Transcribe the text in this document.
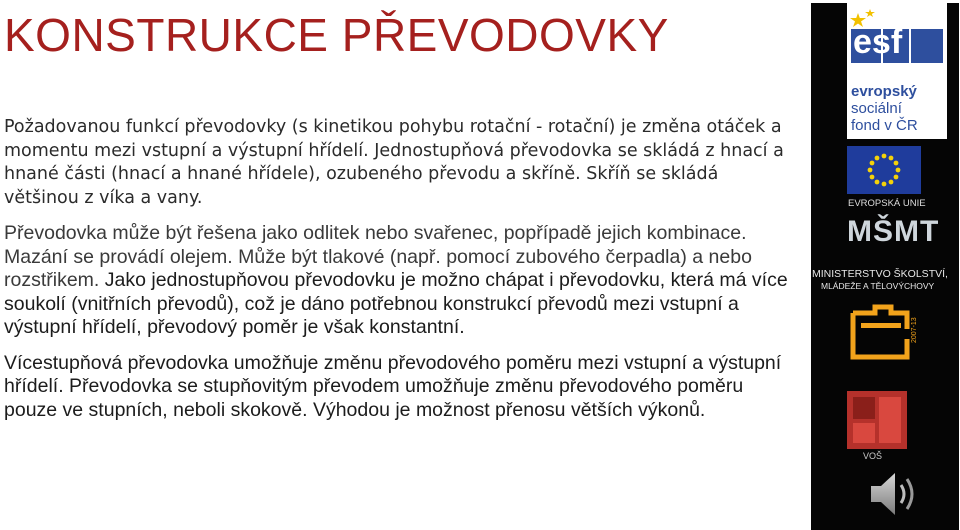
KONSTRUKCE PŘEVODOVKY

Požadovanou funkcí převodovky (s kinetikou pohybu rotační - rotační) je změna otáček a momentu mezi vstupní a výstupní hřídelí. Jednostupňová převodovka se skládá z hnací a hnané části (hnací a hnané hřídele), ozubeného převodu a skříně. Skříň se skládá většinou z víka a vany.

Převodovka může být řešena jako odlitek nebo svařenec, popřípadě jejich kombinace. Mazání se provádí olejem. Může být tlakové (např. pomocí zubového čerpadla) a nebo rozstřikem. Jako jednostupňovou převodovku je možno chápat i převodovku, která má více soukolí (vnitřních převodů), což je dáno potřebnou konstrukcí převodů mezi vstupní a výstupní hřídelí, převodový poměr je však konstantní.

Vícestupňová převodovka umožňuje změnu převodového poměru mezi vstupní a výstupní hřídelí. Převodovka se stupňovitým převodem umožňuje změnu převodového poměru pouze ve stupních, neboli skokově. Výhodou je možnost přenosu větších výkonů.

esf
evropský
sociální
fond v ČR
EVROPSKÁ UNIE
MŠMT
MINISTERSTVO ŠKOLSTVÍ,
MLÁDEŽE A TĚLOVÝCHOVY
2007-13
VOŠ
